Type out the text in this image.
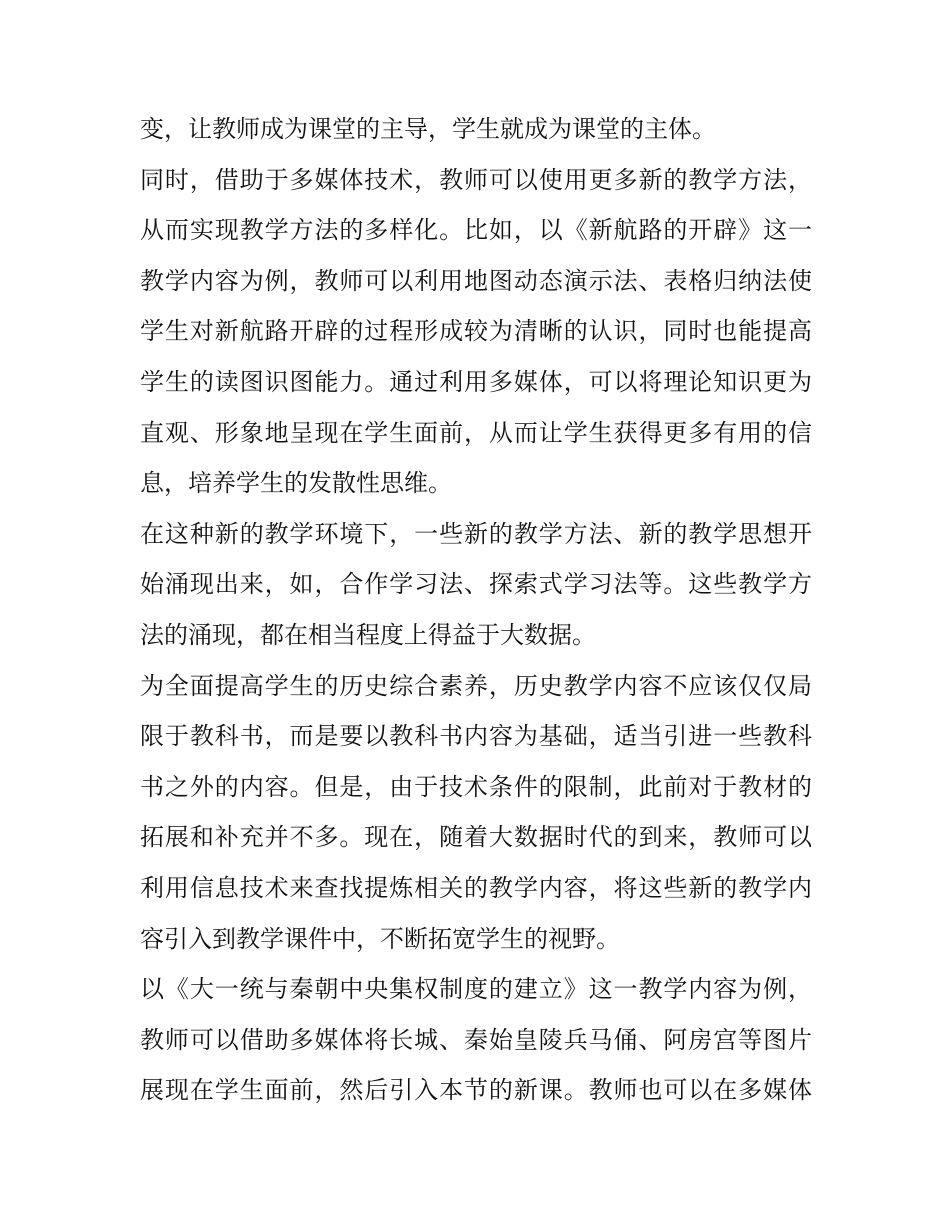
变，让教师成为课堂的主导，学生就成为课堂的主体。
同时，借助于多媒体技术，教师可以使用更多新的教学方法，
从而实现教学方法的多样化。比如，以《新航路的开辟》这一
教学内容为例，教师可以利用地图动态演示法、表格归纳法使
学生对新航路开辟的过程形成较为清晰的认识，同时也能提高
学生的读图识图能力。通过利用多媒体，可以将理论知识更为
直观、形象地呈现在学生面前，从而让学生获得更多有用的信
息，培养学生的发散性思维。
在这种新的教学环境下，一些新的教学方法、新的教学思想开
始涌现出来，如，合作学习法、探索式学习法等。这些教学方
法的涌现，都在相当程度上得益于大数据。
为全面提高学生的历史综合素养，历史教学内容不应该仅仅局
限于教科书，而是要以教科书内容为基础，适当引进一些教科
书之外的内容。但是，由于技术条件的限制，此前对于教材的
拓展和补充并不多。现在，随着大数据时代的到来，教师可以
利用信息技术来查找提炼相关的教学内容，将这些新的教学内
容引入到教学课件中，不断拓宽学生的视野。
以《大一统与秦朝中央集权制度的建立》这一教学内容为例，
教师可以借助多媒体将长城、秦始皇陵兵马俑、阿房宫等图片
展现在学生面前，然后引入本节的新课。教师也可以在多媒体
